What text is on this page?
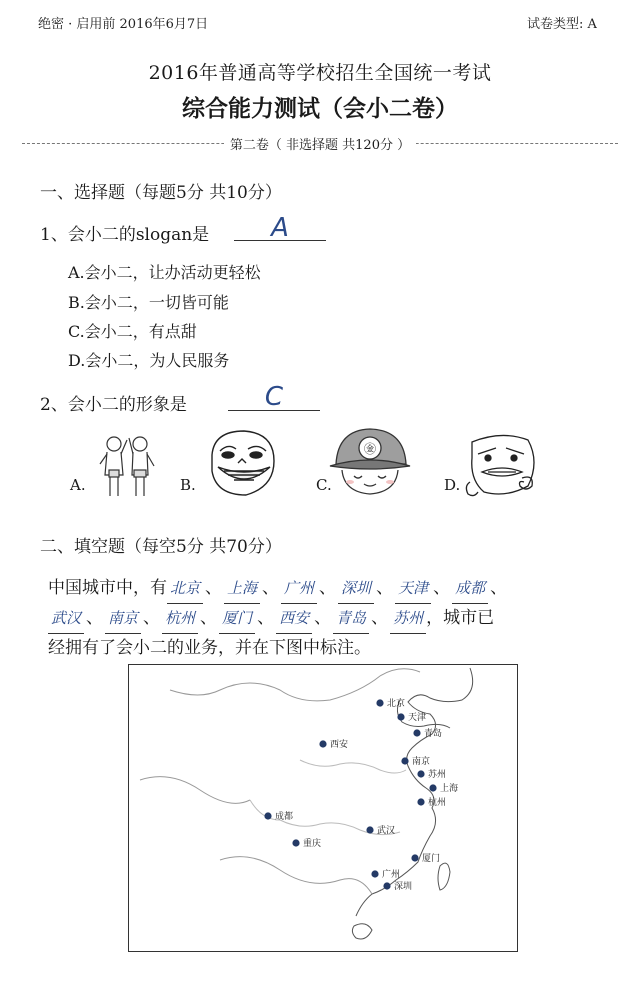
绝密 · 启用前 2016年6月7日	试卷类型: A
2016年普通高等学校招生全国统一考试
综合能力测试（会小二卷）
第二卷（ 非选择题 共120分 ）
一、选择题（每题5分 共10分）
1、会小二的slogan是	A
A.会小二，让办活动更轻松
B.会小二，一切皆可能
C.会小二，有点甜
D.会小二，为人民服务
2、会小二的形象是	C
A.	B.	C.
㊎
D.
二、填空题（每空5分 共70分）
中国城市中，有 北京 、 上海 、 广州 、 深圳 、 天津 、 成都 、
武汉 、 南京 、 杭州 、 厦门 、 西安 、 青岛 、 苏州 ，城市已
经拥有了会小二的业务，并在下图中标注。
北京
天津
青岛
西安
南京
苏州
上海
杭州
成都
武汉
重庆
厦门
广州
深圳
